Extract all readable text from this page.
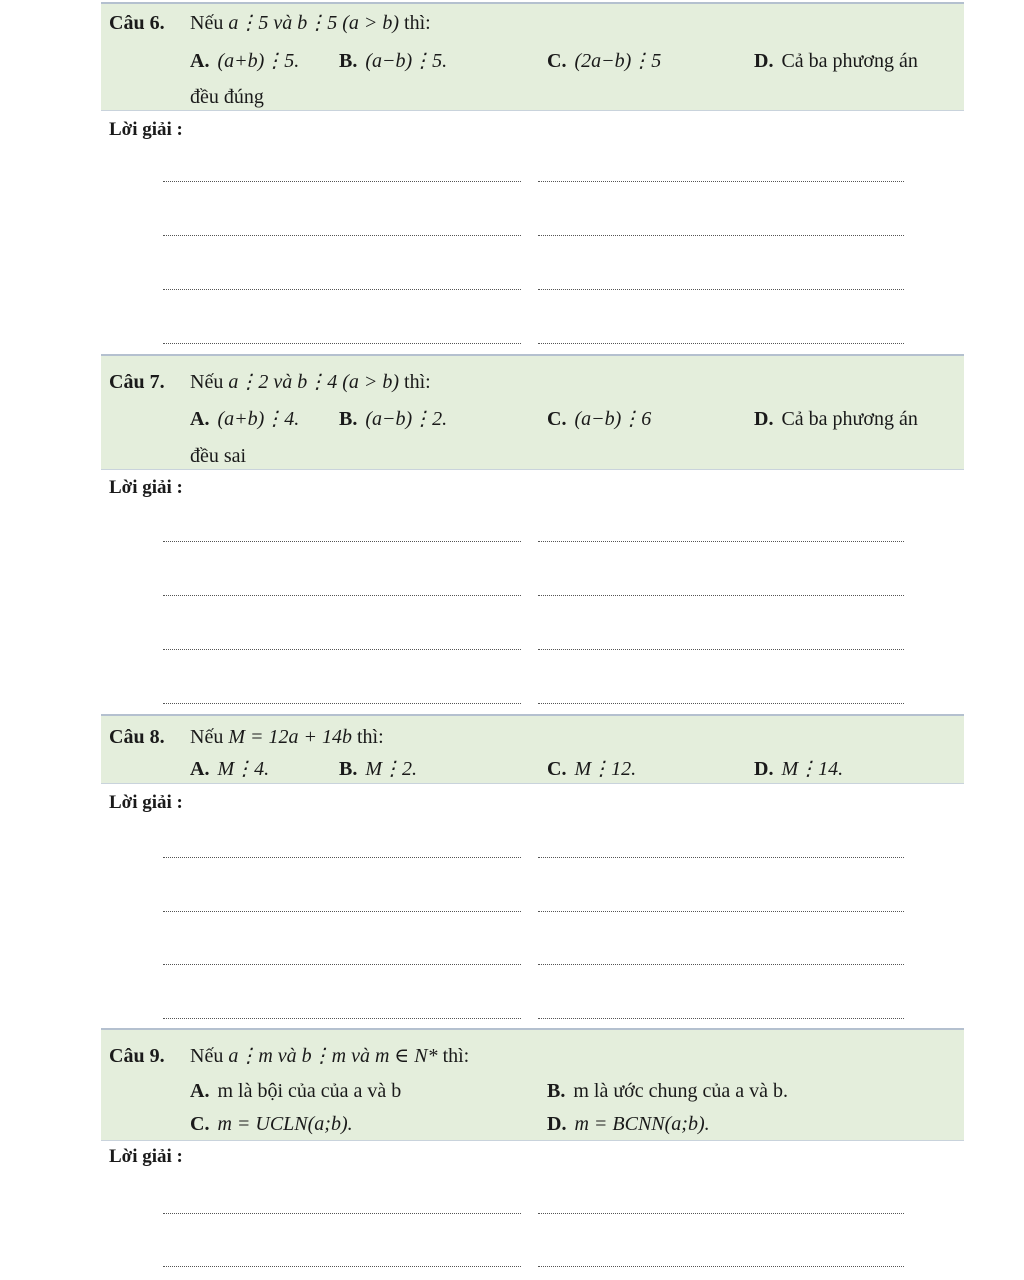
Câu 6. Nếu a⋮5 và b⋮5 (a > b) thì:
A. (a+b)⋮5. B. (a−b)⋮5.	C. (2a−b)⋮5	D. Cả ba phương án
đều đúng
Lời giải :
Câu 7. Nếu a⋮2 và b⋮4 (a > b) thì:
A. (a+b)⋮4. B. (a−b)⋮2.	C. (a−b)⋮6	D. Cả ba phương án
đều sai
Lời giải :
Câu 8. Nếu M = 12a + 14b thì:
A. M⋮4.	B. M⋮2.	C. M⋮12.	D. M⋮14.
Lời giải :
Câu 9. Nếu a⋮m và b⋮m và m ∈ N* thì:
A. m là bội của của a và b	B. m là ước chung của a và b.
C. m = UCLN(a;b).	D. m = BCNN(a;b).
Lời giải :
